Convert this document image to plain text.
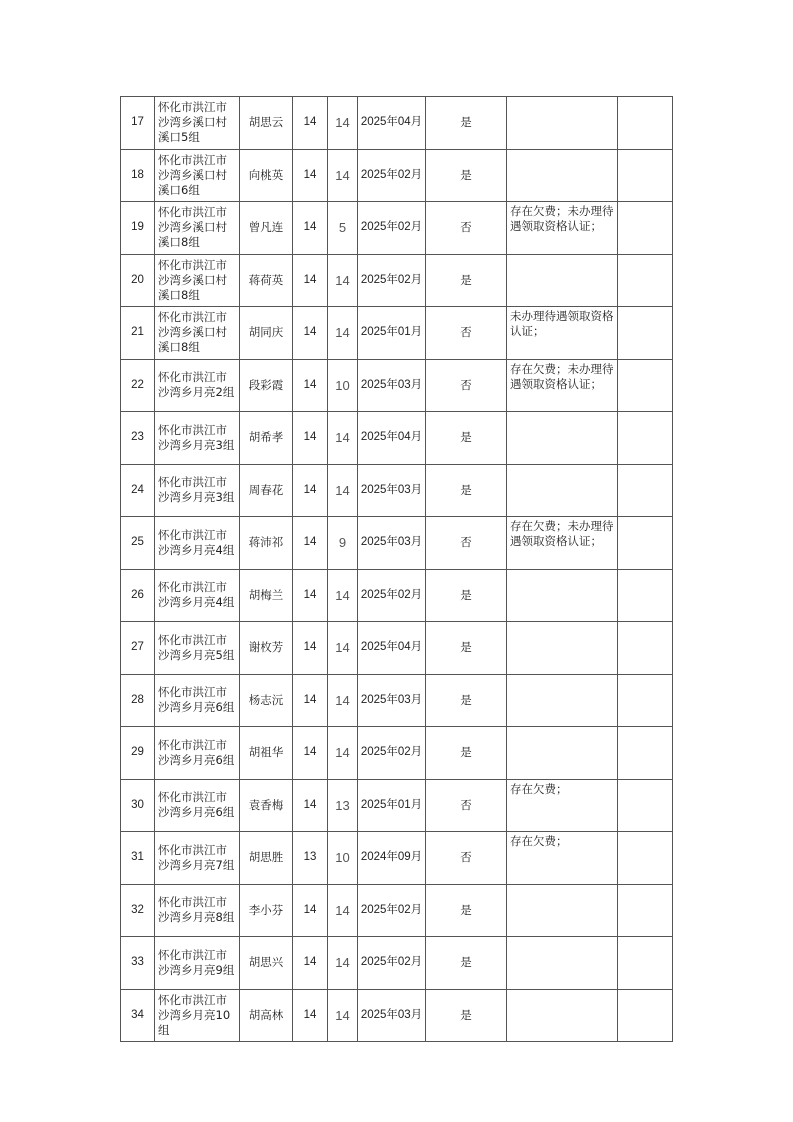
17	怀化市洪江市沙湾乡溪口村溪口5组	胡思云	14	14	2025年04月	是		
18	怀化市洪江市沙湾乡溪口村溪口6组	向桃英	14	14	2025年02月	是		
19	怀化市洪江市沙湾乡溪口村溪口8组	曾凡连	14	5	2025年02月	否	存在欠费；未办理待遇领取资格认证；	
20	怀化市洪江市沙湾乡溪口村溪口8组	蒋荷英	14	14	2025年02月	是		
21	怀化市洪江市沙湾乡溪口村溪口8组	胡同庆	14	14	2025年01月	否	未办理待遇领取资格认证；	
22	怀化市洪江市沙湾乡月亮2组	段彩霞	14	10	2025年03月	否	存在欠费；未办理待遇领取资格认证；	
23	怀化市洪江市沙湾乡月亮3组	胡希孝	14	14	2025年04月	是		
24	怀化市洪江市沙湾乡月亮3组	周春花	14	14	2025年03月	是		
25	怀化市洪江市沙湾乡月亮4组	蒋沛祁	14	9	2025年03月	否	存在欠费；未办理待遇领取资格认证；	
26	怀化市洪江市沙湾乡月亮4组	胡梅兰	14	14	2025年02月	是		
27	怀化市洪江市沙湾乡月亮5组	谢枚芳	14	14	2025年04月	是		
28	怀化市洪江市沙湾乡月亮6组	杨志沅	14	14	2025年03月	是		
29	怀化市洪江市沙湾乡月亮6组	胡祖华	14	14	2025年02月	是		
30	怀化市洪江市沙湾乡月亮6组	袁香梅	14	13	2025年01月	否	存在欠费；	
31	怀化市洪江市沙湾乡月亮7组	胡思胜	13	10	2024年09月	否	存在欠费；	
32	怀化市洪江市沙湾乡月亮8组	李小芬	14	14	2025年02月	是		
33	怀化市洪江市沙湾乡月亮9组	胡思兴	14	14	2025年02月	是		
34	怀化市洪江市沙湾乡月亮10组	胡高林	14	14	2025年03月	是		
